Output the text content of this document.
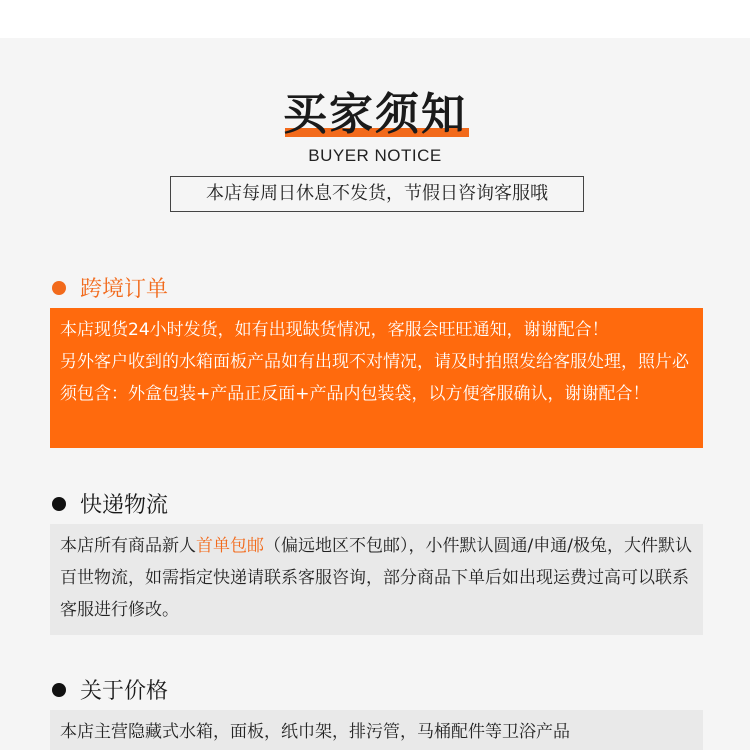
买家须知
BUYER NOTICE
本店每周日休息不发货，节假日咨询客服哦
跨境订单
本店现货24小时发货，如有出现缺货情况，客服会旺旺通知，谢谢配合！
另外客户收到的水箱面板产品如有出现不对情况，请及时拍照发给客服处理，照片必须包含：外盒包装+产品正反面+产品内包装袋，以方便客服确认，谢谢配合！
快递物流
本店所有商品新人首单包邮（偏远地区不包邮），小件默认圆通/申通/极兔，大件默认百世物流，如需指定快递请联系客服咨询，部分商品下单后如出现运费过高可以联系客服进行修改。
关于价格
本店主营隐藏式水箱，面板，纸巾架，排污管，马桶配件等卫浴产品
